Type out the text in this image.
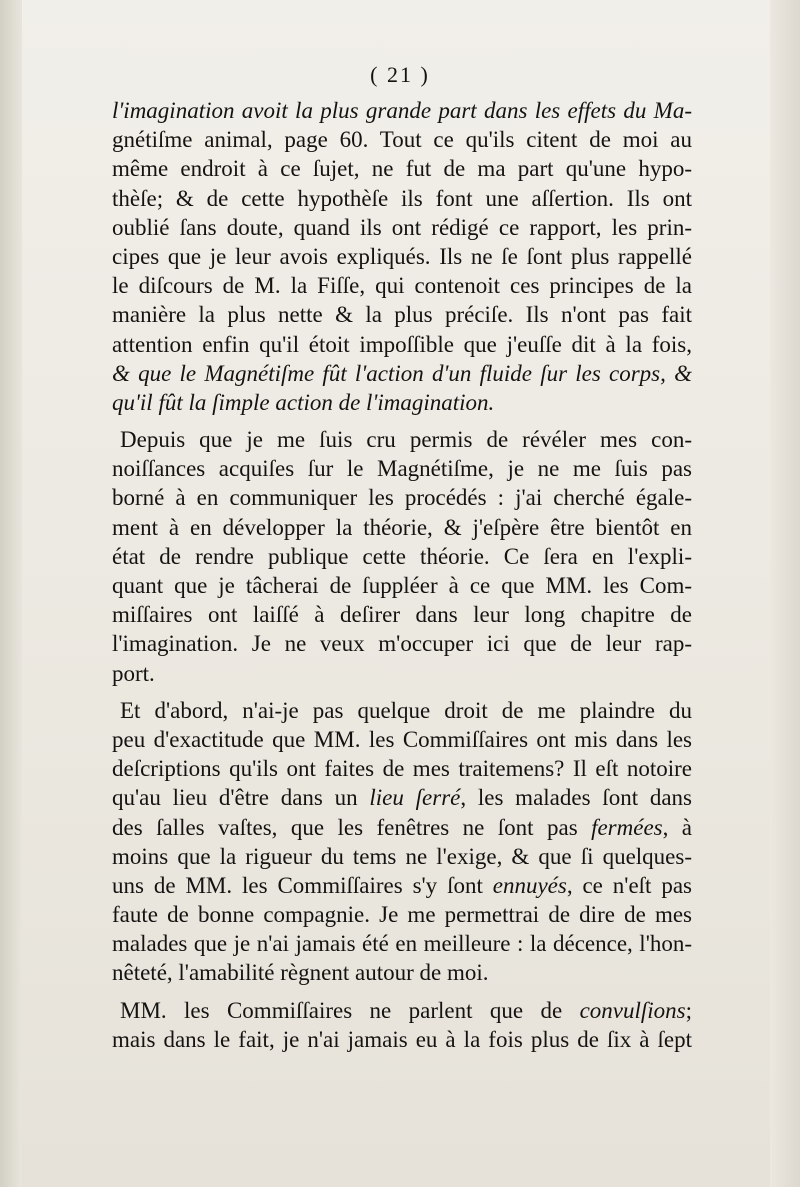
( 21 )
l'imagination avoit la plus grande part dans les effets du Ma-
gnétiſme animal, page 60. Tout ce qu'ils citent de moi au
même endroit à ce ſujet, ne fut de ma part qu'une hypo-
thèſe; & de cette hypothèſe ils font une aſſertion. Ils ont
oublié ſans doute, quand ils ont rédigé ce rapport, les prin-
cipes que je leur avois expliqués. Ils ne ſe ſont plus rappellé
le diſcours de M. la Fiſſe, qui contenoit ces principes de la
manière la plus nette & la plus préciſe. Ils n'ont pas fait
attention enfin qu'il étoit impoſſible que j'euſſe dit à la fois,
& que le Magnétiſme fût l'action d'un fluide ſur les corps, &
qu'il fût la ſimple action de l'imagination.
Depuis que je me ſuis cru permis de révéler mes con-
noiſſances acquiſes ſur le Magnétiſme, je ne me ſuis pas
borné à en communiquer les procédés : j'ai cherché égale-
ment à en développer la théorie, & j'eſpère être bientôt en
état de rendre publique cette théorie. Ce ſera en l'expli-
quant que je tâcherai de ſuppléer à ce que MM. les Com-
miſſaires ont laiſſé à deſirer dans leur long chapitre de
l'imagination. Je ne veux m'occuper ici que de leur rap-
port.
Et d'abord, n'ai-je pas quelque droit de me plaindre du
peu d'exactitude que MM. les Commiſſaires ont mis dans les
deſcriptions qu'ils ont faites de mes traitemens? Il eſt notoire
qu'au lieu d'être dans un lieu ſerré, les malades ſont dans
des ſalles vaſtes, que les fenêtres ne ſont pas fermées, à
moins que la rigueur du tems ne l'exige, & que ſi quelques-
uns de MM. les Commiſſaires s'y ſont ennuyés, ce n'eſt pas
faute de bonne compagnie. Je me permettrai de dire de mes
malades que je n'ai jamais été en meilleure : la décence, l'hon-
nêteté, l'amabilité règnent autour de moi.
MM. les Commiſſaires ne parlent que de convulſions;
mais dans le fait, je n'ai jamais eu à la fois plus de ſix à ſept
